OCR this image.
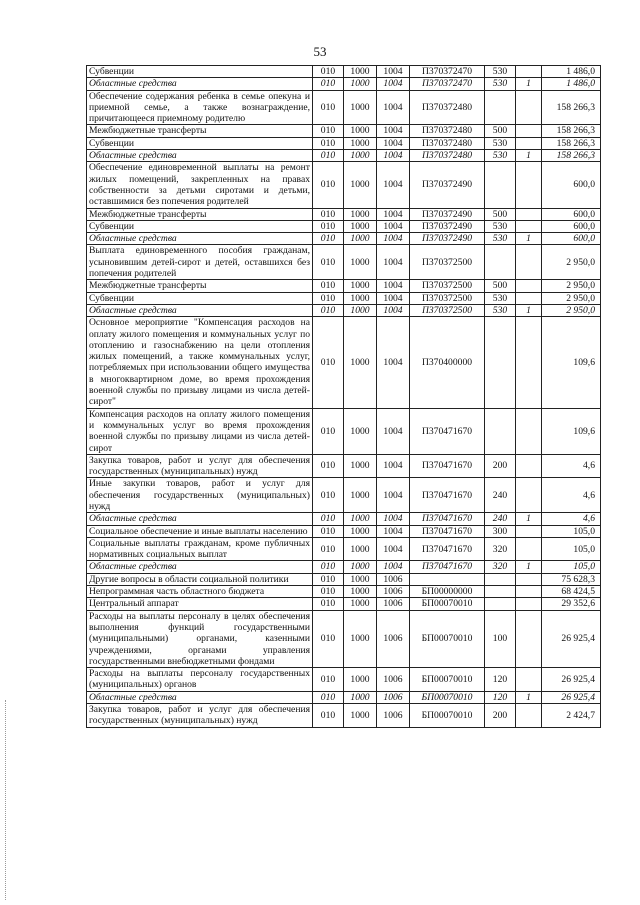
53
Субвенции	010	1000	1004	П370372470	530		1 486,0
Областные средства	010	1000	1004	П370372470	530	1	1 486,0
Обеспечение содержания ребенка в семье опекуна и приемной семье, а также вознаграждение, причитающееся приемному родителю	010	1000	1004	П370372480			158 266,3
Межбюджетные трансферты	010	1000	1004	П370372480	500		158 266,3
Субвенции	010	1000	1004	П370372480	530		158 266,3
Областные средства	010	1000	1004	П370372480	530	1	158 266,3
Обеспечение единовременной выплаты на ремонт жилых помещений, закрепленных на правах собственности за детьми сиротами и детьми, оставшимися без попечения родителей	010	1000	1004	П370372490			600,0
Межбюджетные трансферты	010	1000	1004	П370372490	500		600,0
Субвенции	010	1000	1004	П370372490	530		600,0
Областные средства	010	1000	1004	П370372490	530	1	600,0
Выплата единовременного пособия гражданам, усыновившим детей-сирот и детей, оставшихся без попечения родителей	010	1000	1004	П370372500			2 950,0
Межбюджетные трансферты	010	1000	1004	П370372500	500		2 950,0
Субвенции	010	1000	1004	П370372500	530		2 950,0
Областные средства	010	1000	1004	П370372500	530	1	2 950,0
Основное мероприятие "Компенсация расходов на оплату жилого помещения и коммунальных услуг по отоплению и газоснабжению на цели отопления жилых помещений, а также коммунальных услуг, потребляемых при использовании общего имущества в многоквартирном доме, во время прохождения военной службы по призыву лицами из числа детей-сирот"	010	1000	1004	П370400000			109,6
Компенсация расходов на оплату жилого помещения и коммунальных услуг во время прохождения военной службы по призыву лицами из числа детей-сирот	010	1000	1004	П370471670			109,6
Закупка товаров, работ и услуг для обеспечения государственных (муниципальных) нужд	010	1000	1004	П370471670	200		4,6
Иные закупки товаров, работ и услуг для обеспечения государственных (муниципальных) нужд	010	1000	1004	П370471670	240		4,6
Областные средства	010	1000	1004	П370471670	240	1	4,6
Социальное обеспечение и иные выплаты населению	010	1000	1004	П370471670	300		105,0
Социальные выплаты гражданам, кроме публичных нормативных социальных выплат	010	1000	1004	П370471670	320		105,0
Областные средства	010	1000	1004	П370471670	320	1	105,0
Другие вопросы в области социальной политики	010	1000	1006				75 628,3
Непрограммная часть областного бюджета	010	1000	1006	БП00000000			68 424,5
Центральный аппарат	010	1000	1006	БП00070010			29 352,6
Расходы на выплаты персоналу в целях обеспечения выполнения функций государственными (муниципальными) органами, казенными учреждениями, органами управления государственными внебюджетными фондами	010	1000	1006	БП00070010	100		26 925,4
Расходы на выплаты персоналу государственных (муниципальных) органов	010	1000	1006	БП00070010	120		26 925,4
Областные средства	010	1000	1006	БП00070010	120	1	26 925,4
Закупка товаров, работ и услуг для обеспечения государственных (муниципальных) нужд	010	1000	1006	БП00070010	200		2 424,7
